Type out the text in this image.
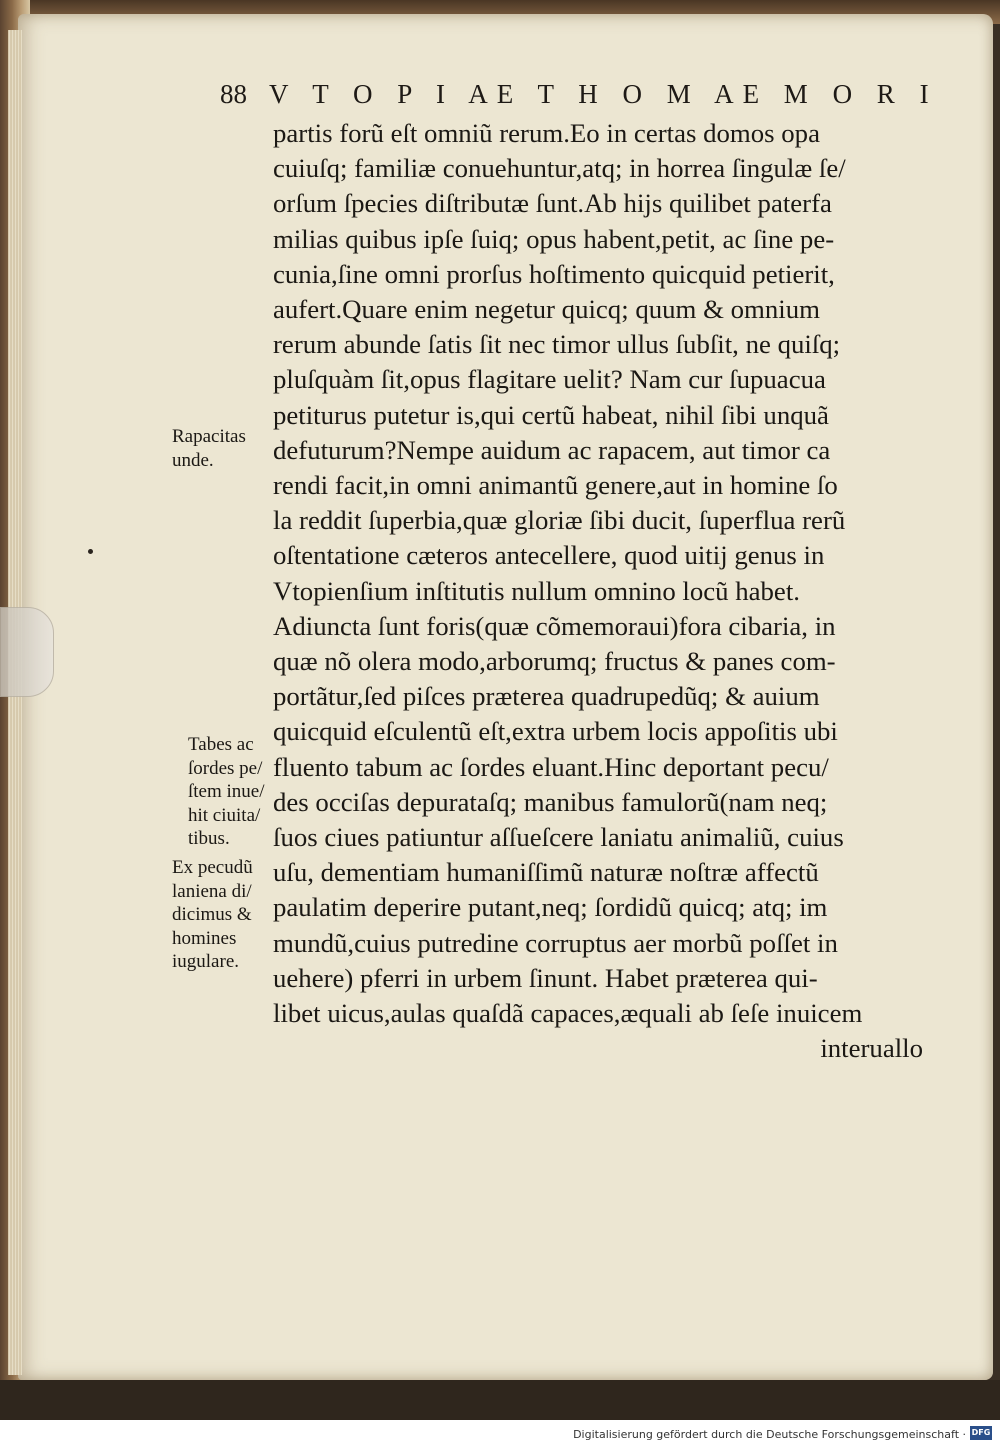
88 V T O P I AE T H O M AE M O R I
partis forũ eſt omniũ rerum.Eo in certas domos opa
cuiuſq; familiæ conuehuntur,atq; in horrea ſingulæ ſe/
orſum ſpecies diſtributæ ſunt.Ab hijs quilibet paterfa
milias quibus ipſe ſuiq; opus habent,petit, ac ſine pe-
cunia,ſine omni prorſus hoſtimento quicquid petierit,
aufert.Quare enim negetur quicq; quum & omnium
rerum abunde ſatis ſit nec timor ullus ſubſit, ne quiſq;
pluſquàm ſit,opus flagitare uelit? Nam cur ſupuacua
petiturus putetur is,qui certũ habeat, nihil ſibi unquã
defuturum?Nempe auidum ac rapacem, aut timor ca
rendi facit,in omni animantũ genere,aut in homine ſo
la reddit ſuperbia,quæ gloriæ ſibi ducit, ſuperflua rerũ
oſtentatione cæteros antecellere, quod uitij genus in
Vtopienſium inſtitutis nullum omnino locũ habet.
Adiuncta ſunt foris(quæ cõmemoraui)fora cibaria, in
quæ nõ olera modo,arborumq; fructus & panes com-
portãtur,ſed piſces præterea quadrupedũq; & auium
quicquid eſculentũ eſt,extra urbem locis appoſitis ubi
fluento tabum ac ſordes eluant.Hinc deportant pecu/
des occiſas depurataſq; manibus famulorũ(nam neq;
ſuos ciues patiuntur aſſueſcere laniatu animaliũ, cuius
uſu, dementiam humaniſſimũ naturæ noſtræ affectũ
paulatim deperire putant,neq; ſordidũ quicq; atq; im
mundũ,cuius putredine corruptus aer morbũ poſſet in
uehere) pferri in urbem ſinunt. Habet præterea qui-
libet uicus,aulas quaſdã capaces,æquali ab ſeſe inuicem
interuallo
Rapacitas
unde.
Tabes ac
ſordes pe/
ſtem inue/
hit ciuita/
tibus.
Ex pecudũ
laniena di/
dicimus &
homines
iugulare.
Digitalisierung gefördert durch die Deutsche Forschungsgemeinschaft · DFG
